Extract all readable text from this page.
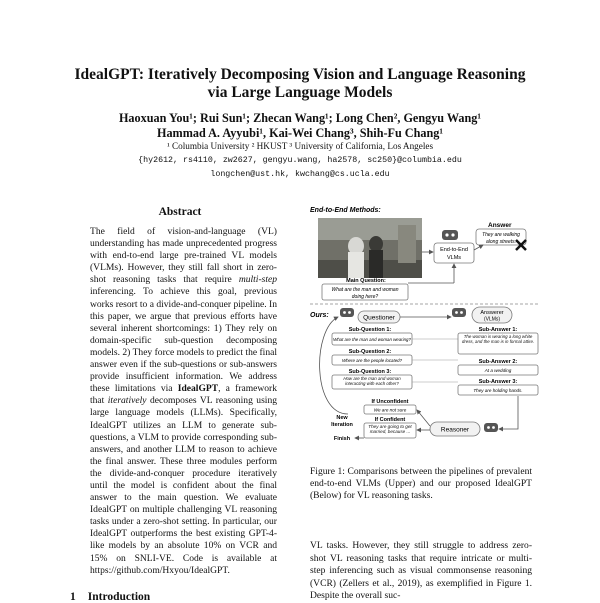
IdealGPT: Iteratively Decomposing Vision and Language Reasoning
via Large Language Models
Haoxuan You¹; Rui Sun¹; Zhecan Wang¹; Long Chen², Gengyu Wang¹
Hammad A. Ayyubi¹, Kai-Wei Chang³, Shih-Fu Chang¹
¹ Columbia University ² HKUST ³ University of California, Los Angeles
{hy2612, rs4110, zw2627, gengyu.wang, ha2578, sc250}@columbia.edu
longchen@ust.hk, kwchang@cs.ucla.edu
Abstract
The field of vision-and-language (VL) understanding has made unprecedented progress with end-to-end large pre-trained VL models (VLMs). However, they still fall short in zero-shot reasoning tasks that require multi-step inferencing. To achieve this goal, previous works resort to a divide-and-conquer pipeline. In this paper, we argue that previous efforts have several inherent shortcomings: 1) They rely on domain-specific sub-question decomposing models. 2) They force models to predict the final answer even if the sub-questions or sub-answers provide insufficient information. We address these limitations via IdealGPT, a framework that iteratively decomposes VL reasoning using large language models (LLMs). Specifically, IdealGPT utilizes an LLM to generate sub-questions, a VLM to provide corresponding sub-answers, and another LLM to reason to achieve the final answer. These three modules perform the divide-and-conquer procedure iteratively until the model is confident about the final answer to the main question. We evaluate IdealGPT on multiple challenging VL reasoning tasks under a zero-shot setting. In particular, our IdealGPT outperforms the best existing GPT-4-like models by an absolute 10% on VCR and 15% on SNLI-VE. Code is available at https://github.com/Hxyou/IdealGPT.
1 Introduction
End-to-End Methods:
Answer
They are walking
along streets.
End-to-End
VLMs
Main Question:
What are the man and woman
doing here?
Ours:	Questioner
Answerer
(VLMs)
Sub-Question 1:
What are the man and woman wearing?
Sub-Question 2:
Where are the people located?
Sub-Question 3:
How are the man and woman interacting with each other?
Sub-Answer 1:
The woman is wearing a long white dress, and the man is in formal attire.
Sub-Answer 2:
At a wedding
Sub-Answer 3:
They are holding hands.
If Unconfident
We are not sure
If Confident
They are going to get married, because ...
New
Iteration
Finish
Reasoner
Figure 1: Comparisons between the pipelines of prevalent end-to-end VLMs (Upper) and our proposed IdealGPT (Below) for VL reasoning tasks.
VL tasks. However, they still struggle to address zero-shot VL reasoning tasks that require intricate or multi-step inferencing such as visual commonsense reasoning (VCR) (Zellers et al., 2019), as exemplified in Figure 1. Despite the overall suc-
